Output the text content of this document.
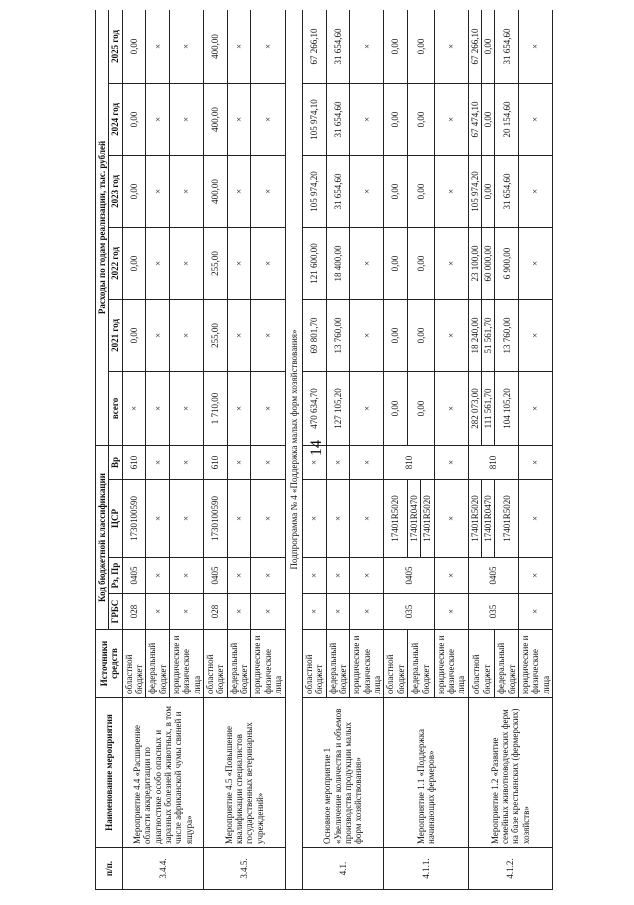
14
п/п.	Наименование мероприятия	Источники средств	Код бюджетной классификации				Расходы по годам реализации, тыс. рублей					
			ГРБС	Рз, Пр	ЦСР	Вр	всего	2021 год	2022 год	2023 год	2024 год	2025 год
3.4.4.	Мероприятие 4.4 «Расширение области аккредитации по диагностике особо опасных и заразных болезней животных, в том числе африканской чумы свиней и ящура»	областной бюджет	028	0405	1730100590	610	×	0,00	0,00	0,00	0,00	0,00
		федеральный бюджет	×	×	×	×	×	×	×	×	×	×
		юридические и физические лица	×	×	×	×	×	×	×	×	×	×
3.4.5.	Мероприятие 4.5 «Повышение квалификации специалистов государственных ветеринарных учреждений»	областной бюджет	028	0405	1730100590	610	1 710,00	255,00	255,00	400,00	400,00	400,00
		федеральный бюджет	×	×	×	×	×	×	×	×	×	×
		юридические и физические лица	×	×	×	×	×	×	×	×	×	×
Подпрограмма № 4 «Поддержка малых форм хозяйствования»												
4.1.	Основное мероприятие 1 «Увеличение количества и объемов производства продукции малых форм хозяйствования»	областной бюджет	×	×	×	×	470 634,70	69 801,70	121 600,00	105 974,20	105 974,10	67 266,10
		федеральный бюджет	×	×	×	×	127 105,20	13 760,00	18 400,00	31 654,60	31 654,60	31 654,60
		юридические и физические лица	×	×	×	×	×	×	×	×	×	×
4.1.1.	Мероприятие 1.1 «Поддержка начинающих фермеров»	областной бюджет	035	0405	17401R5020	810	0,00	0,00	0,00	0,00	0,00	0,00
		федеральный бюджет			17401R0470		0,00	0,00	0,00	0,00	0,00	0,00
					17401R5020							
		юридические и физические лица	×	×	×	×	×	×	×	×	×	×
4.1.2.	Мероприятие 1.2 «Развитие семейных животноводческих ферм на базе крестьянских (фермерских) хозяйств»	областной бюджет	035	0405	17401R5020	810	282 073,00	18 240,00	23 100,00	105 974,20	67 474,10	67 266,10
					17401R0470		111 561,70	51 561,70	60 000,00	0,00	0,00	0,00
		федеральный бюджет			17401R5020		104 105,20	13 760,00	6 900,00	31 654,60	20 154,60	31 654,60
		юридические и физические лица	×	×	×	×	×	×	×	×	×	×
